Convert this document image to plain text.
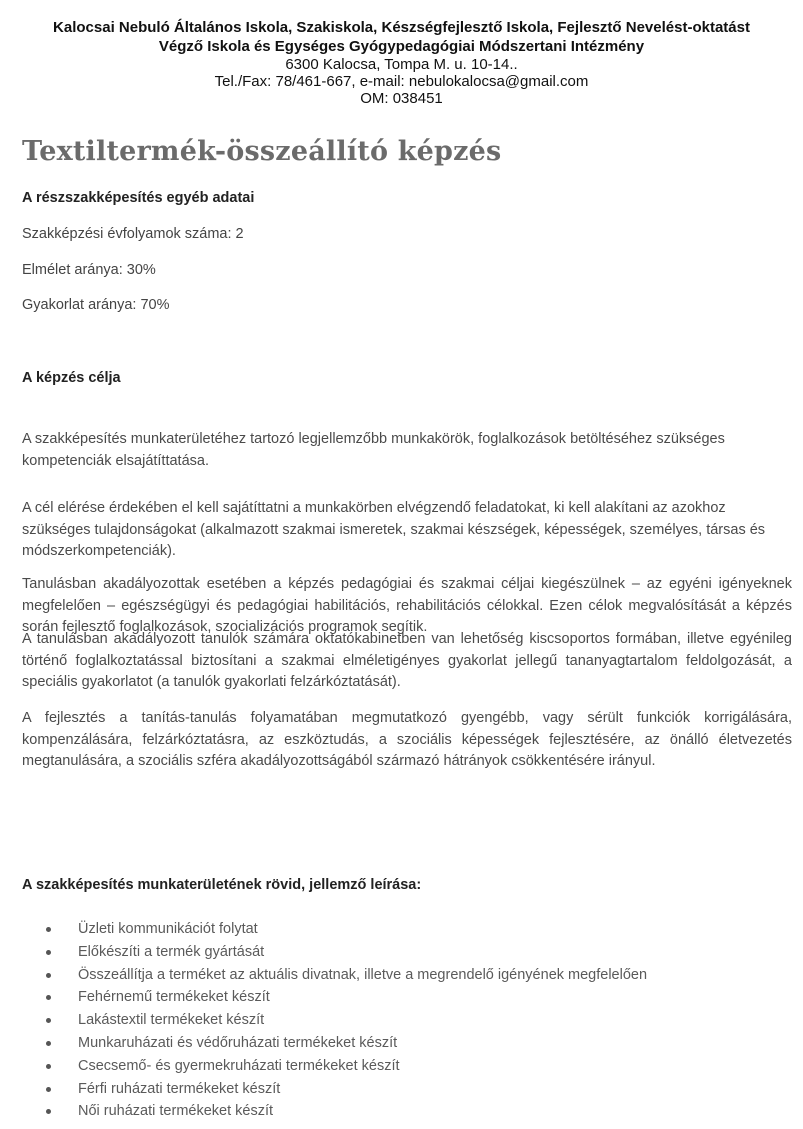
Kalocsai Nebuló Általános Iskola, Szakiskola, Készségfejlesztő Iskola, Fejlesztő Nevelést-oktatást Végző Iskola és Egységes Gyógypedagógiai Módszertani Intézmény
6300 Kalocsa, Tompa M. u. 10-14..
Tel./Fax: 78/461-667, e-mail: nebulokalocsa@gmail.com
OM: 038451
Textiltermék-összeállító képzés
A részszakképesítés egyéb adatai

Szakképzési évfolyamok száma: 2

Elmélet aránya: 30%

Gyakorlat aránya: 70%

A képzés célja

A szakképesítés munkaterületéhez tartozó legjellemzőbb munkakörök, foglalkozások betöltéséhez szükséges kompetenciák elsajátíttatása.

A cél elérése érdekében el kell sajátíttatni a munkakörben elvégzendő feladatokat, ki kell alakítani az azokhoz szükséges tulajdonságokat (alkalmazott szakmai ismeretek, szakmai készségek, képességek, személyes, társas és módszerkompetenciák).

Tanulásban akadályozottak esetében a képzés pedagógiai és szakmai céljai kiegészülnek – az egyéni igényeknek megfelelően – egészségügyi és pedagógiai habilitációs, rehabilitációs célokkal. Ezen célok megvalósítását a képzés során fejlesztő foglalkozások, szocializációs programok segítik.

A tanulásban akadályozott tanulók számára oktatókabinetben van lehetőség kiscsoportos formában, illetve egyénileg történő foglalkoztatással biztosítani a szakmai elméletigényes gyakorlat jellegű tananyagtartalom feldolgozását, a speciális gyakorlatot (a tanulók gyakorlati felzárkóztatását).

A fejlesztés a tanítás-tanulás folyamatában megmutatkozó gyengébb, vagy sérült funkciók korrigálására, kompenzálására, felzárkóztatásra, az eszköztudás, a szociális képességek fejlesztésére, az önálló életvezetés megtanulására, a szociális szféra akadályozottságából származó hátrányok csökkentésére irányul.

A szakképesítés munkaterületének rövid, jellemző leírása:
Üzleti kommunikációt folytat
Előkészíti a termék gyártását
Összeállítja a terméket az aktuális divatnak, illetve a megrendelő igényének megfelelően
Fehérnemű termékeket készít
Lakástextil termékeket készít
Munkaruházati és védőruházati termékeket készít
Csecsemő- és gyermekruházati termékeket készít
Férfi ruházati termékeket készít
Női ruházati termékeket készít
